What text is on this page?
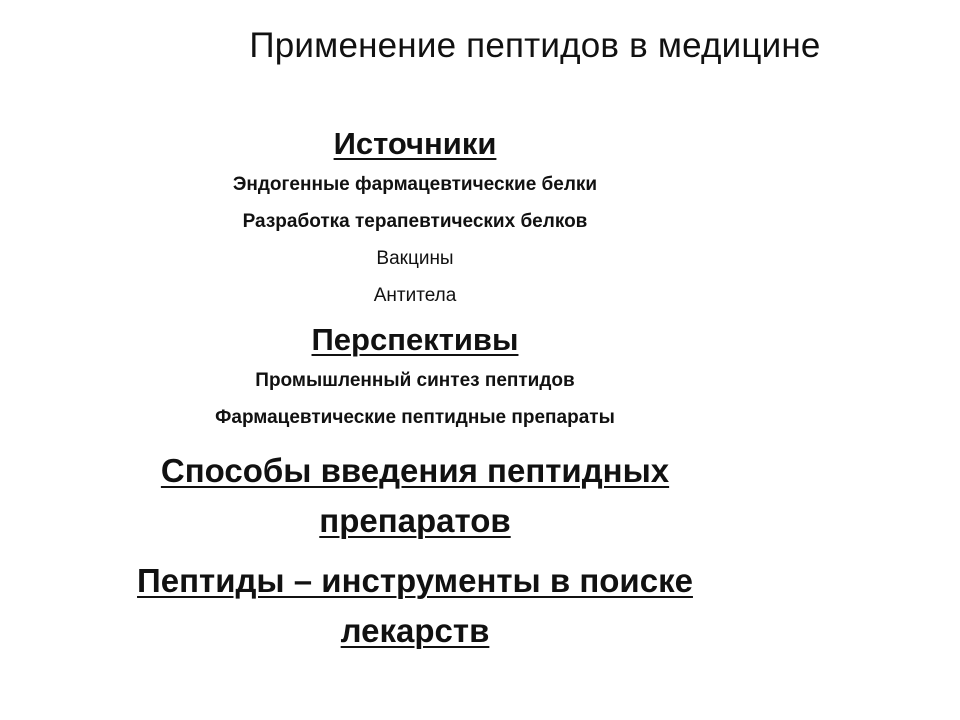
Применение пептидов в медицине
Источники
Эндогенные фармацевтические белки
Разработка терапевтических белков
Вакцины
Антитела
Перспективы
Промышленный синтез пептидов
Фармацевтические пептидные препараты
Способы введения пептидных
препаратов
Пептиды – инструменты в поиске
лекарств
